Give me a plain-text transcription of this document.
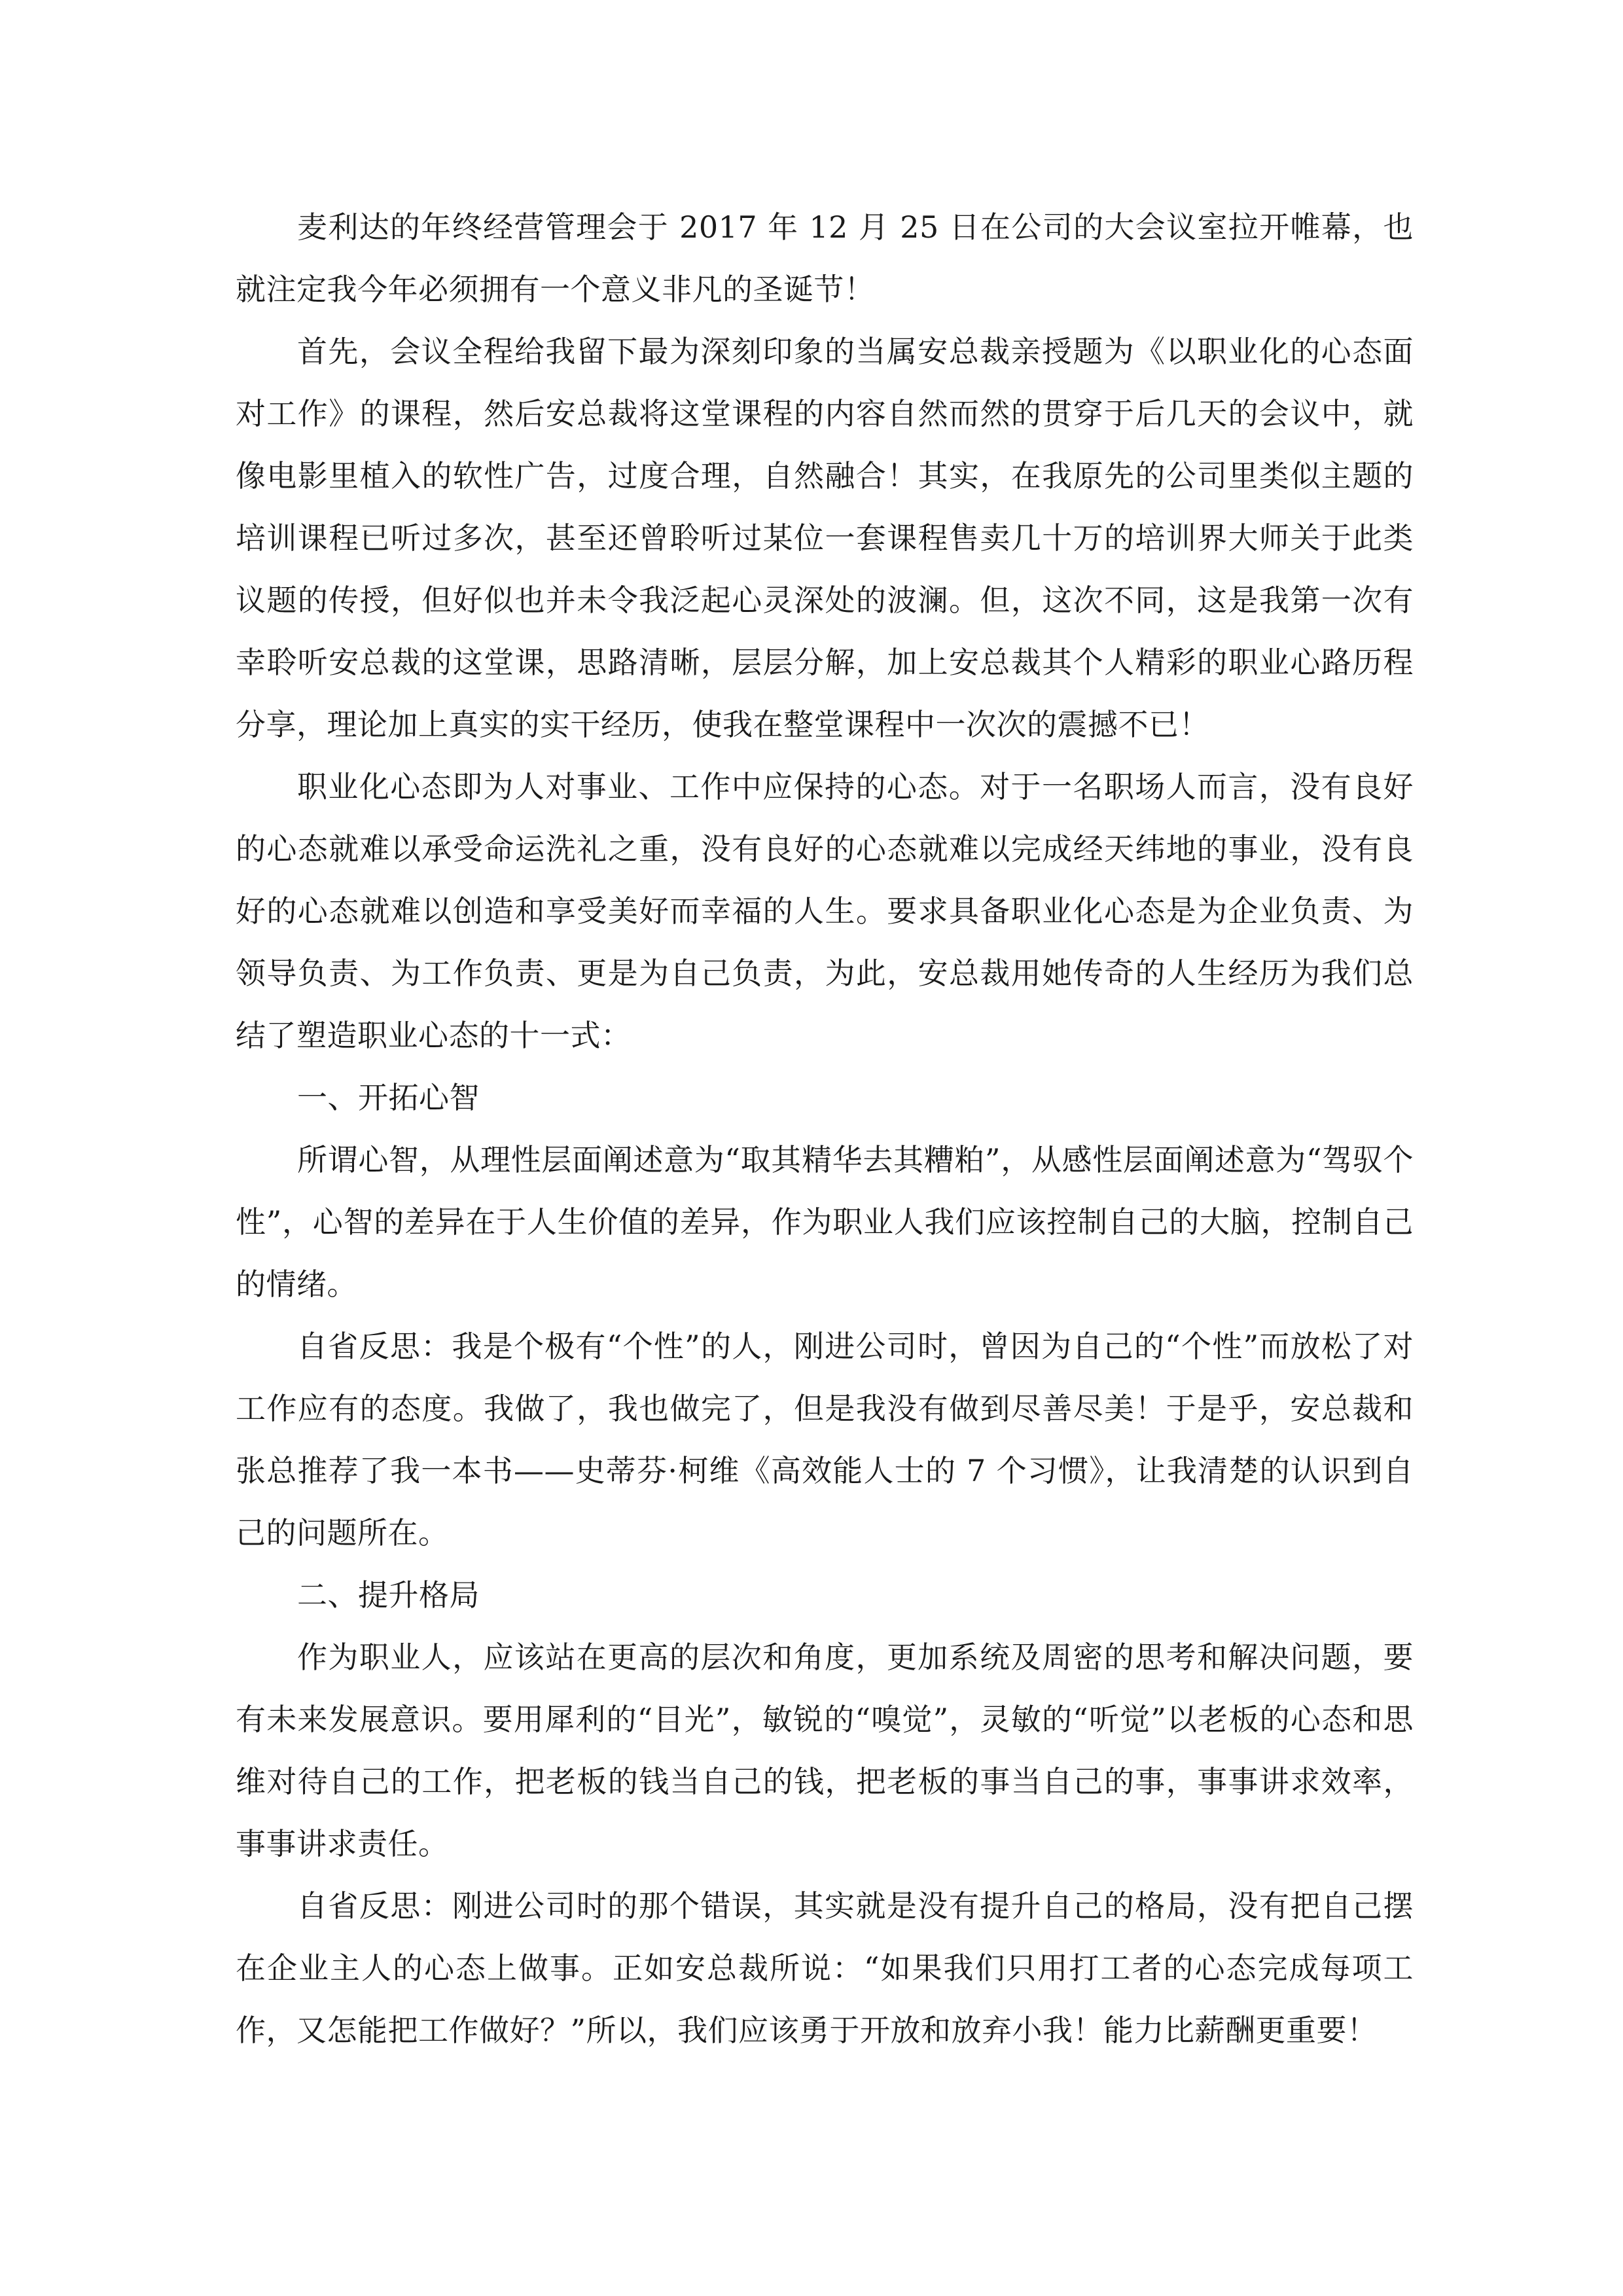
麦利达的年终经营管理会于 2017 年 12 月 25 日在公司的大会议室拉开帷幕，也就注定我今年必须拥有一个意义非凡的圣诞节！

首先，会议全程给我留下最为深刻印象的当属安总裁亲授题为《以职业化的心态面对工作》的课程，然后安总裁将这堂课程的内容自然而然的贯穿于后几天的会议中，就像电影里植入的软性广告，过度合理，自然融合！其实，在我原先的公司里类似主题的培训课程已听过多次，甚至还曾聆听过某位一套课程售卖几十万的培训界大师关于此类议题的传授，但好似也并未令我泛起心灵深处的波澜。但，这次不同，这是我第一次有幸聆听安总裁的这堂课，思路清晰，层层分解，加上安总裁其个人精彩的职业心路历程分享，理论加上真实的实干经历，使我在整堂课程中一次次的震撼不已！

职业化心态即为人对事业、工作中应保持的心态。对于一名职场人而言，没有良好的心态就难以承受命运洗礼之重，没有良好的心态就难以完成经天纬地的事业，没有良好的心态就难以创造和享受美好而幸福的人生。要求具备职业化心态是为企业负责、为领导负责、为工作负责、更是为自己负责，为此，安总裁用她传奇的人生经历为我们总结了塑造职业心态的十一式：

一、开拓心智

所谓心智，从理性层面阐述意为“取其精华去其糟粕”，从感性层面阐述意为“驾驭个性”，心智的差异在于人生价值的差异，作为职业人我们应该控制自己的大脑，控制自己的情绪。

自省反思：我是个极有“个性”的人，刚进公司时，曾因为自己的“个性”而放松了对工作应有的态度。我做了，我也做完了，但是我没有做到尽善尽美！于是乎，安总裁和张总推荐了我一本书——史蒂芬·柯维《高效能人士的 7 个习惯》，让我清楚的认识到自己的问题所在。

二、提升格局

作为职业人，应该站在更高的层次和角度，更加系统及周密的思考和解决问题，要有未来发展意识。要用犀利的“目光”，敏锐的“嗅觉”，灵敏的“听觉”以老板的心态和思维对待自己的工作，把老板的钱当自己的钱，把老板的事当自己的事，事事讲求效率，事事讲求责任。

自省反思：刚进公司时的那个错误，其实就是没有提升自己的格局，没有把自己摆在企业主人的心态上做事。正如安总裁所说：“如果我们只用打工者的心态完成每项工作，又怎能把工作做好？”所以，我们应该勇于开放和放弃小我！能力比薪酬更重要！
